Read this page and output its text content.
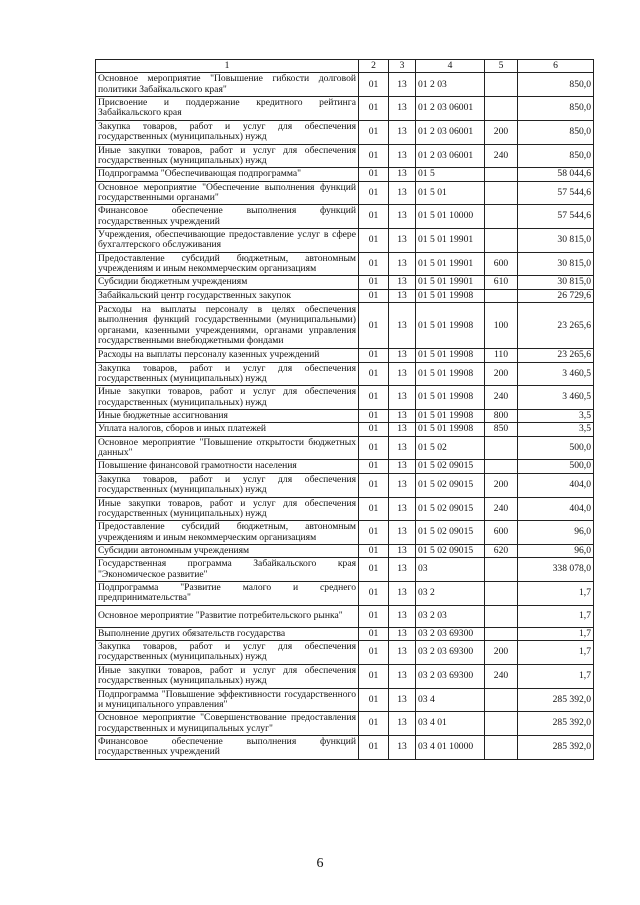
1	2	3	4	5	6
Основное мероприятие "Повышение гибкости долговой политики Забайкальского края"	01	13	01 2 03		850,0
Присвоение и поддержание кредитного рейтинга Забайкальского края	01	13	01 2 03 06001		850,0
Закупка товаров, работ и услуг для обеспечения государственных (муниципальных) нужд	01	13	01 2 03 06001	200	850,0
Иные закупки товаров, работ и услуг для обеспечения государственных (муниципальных) нужд	01	13	01 2 03 06001	240	850,0
Подпрограмма "Обеспечивающая подпрограмма"	01	13	01 5		58 044,6
Основное мероприятие "Обеспечение выполнения функций государственными органами"	01	13	01 5 01		57 544,6
Финансовое обеспечение выполнения функций государственных учреждений	01	13	01 5 01 10000		57 544,6
Учреждения, обеспечивающие предоставление услуг в сфере бухгалтерского обслуживания	01	13	01 5 01 19901		30 815,0
Предоставление субсидий бюджетным, автономным учреждениям и иным некоммерческим организациям	01	13	01 5 01 19901	600	30 815,0
Субсидии бюджетным учреждениям	01	13	01 5 01 19901	610	30 815,0
Забайкальский центр государственных закупок	01	13	01 5 01 19908		26 729,6
Расходы на выплаты персоналу в целях обеспечения выполнения функций государственными (муниципальными) органами, казенными учреждениями, органами управления государственными внебюджетными фондами	01	13	01 5 01 19908	100	23 265,6
Расходы на выплаты персоналу казенных учреждений	01	13	01 5 01 19908	110	23 265,6
Закупка товаров, работ и услуг для обеспечения государственных (муниципальных) нужд	01	13	01 5 01 19908	200	3 460,5
Иные закупки товаров, работ и услуг для обеспечения государственных (муниципальных) нужд	01	13	01 5 01 19908	240	3 460,5
Иные бюджетные ассигнования	01	13	01 5 01 19908	800	3,5
Уплата налогов, сборов и иных платежей	01	13	01 5 01 19908	850	3,5
Основное мероприятие "Повышение открытости бюджетных данных"	01	13	01 5 02		500,0
Повышение финансовой грамотности населения	01	13	01 5 02 09015		500,0
Закупка товаров, работ и услуг для обеспечения государственных (муниципальных) нужд	01	13	01 5 02 09015	200	404,0
Иные закупки товаров, работ и услуг для обеспечения государственных (муниципальных) нужд	01	13	01 5 02 09015	240	404,0
Предоставление субсидий бюджетным, автономным учреждениям и иным некоммерческим организациям	01	13	01 5 02 09015	600	96,0
Субсидии автономным учреждениям	01	13	01 5 02 09015	620	96,0
Государственная программа Забайкальского края "Экономическое развитие"	01	13	03		338 078,0
Подпрограмма "Развитие малого и среднего предпринимательства"	01	13	03 2		1,7
Основное мероприятие "Развитие потребительского рынка"	01	13	03 2 03		1,7
Выполнение других обязательств государства	01	13	03 2 03 69300		1,7
Закупка товаров, работ и услуг для обеспечения государственных (муниципальных) нужд	01	13	03 2 03 69300	200	1,7
Иные закупки товаров, работ и услуг для обеспечения государственных (муниципальных) нужд	01	13	03 2 03 69300	240	1,7
Подпрограмма "Повышение эффективности государственного и муниципального управления"	01	13	03 4		285 392,0
Основное мероприятие "Совершенствование предоставления государственных и муниципальных услуг"	01	13	03 4 01		285 392,0
Финансовое обеспечение выполнения функций государственных учреждений	01	13	03 4 01 10000		285 392,0
6
